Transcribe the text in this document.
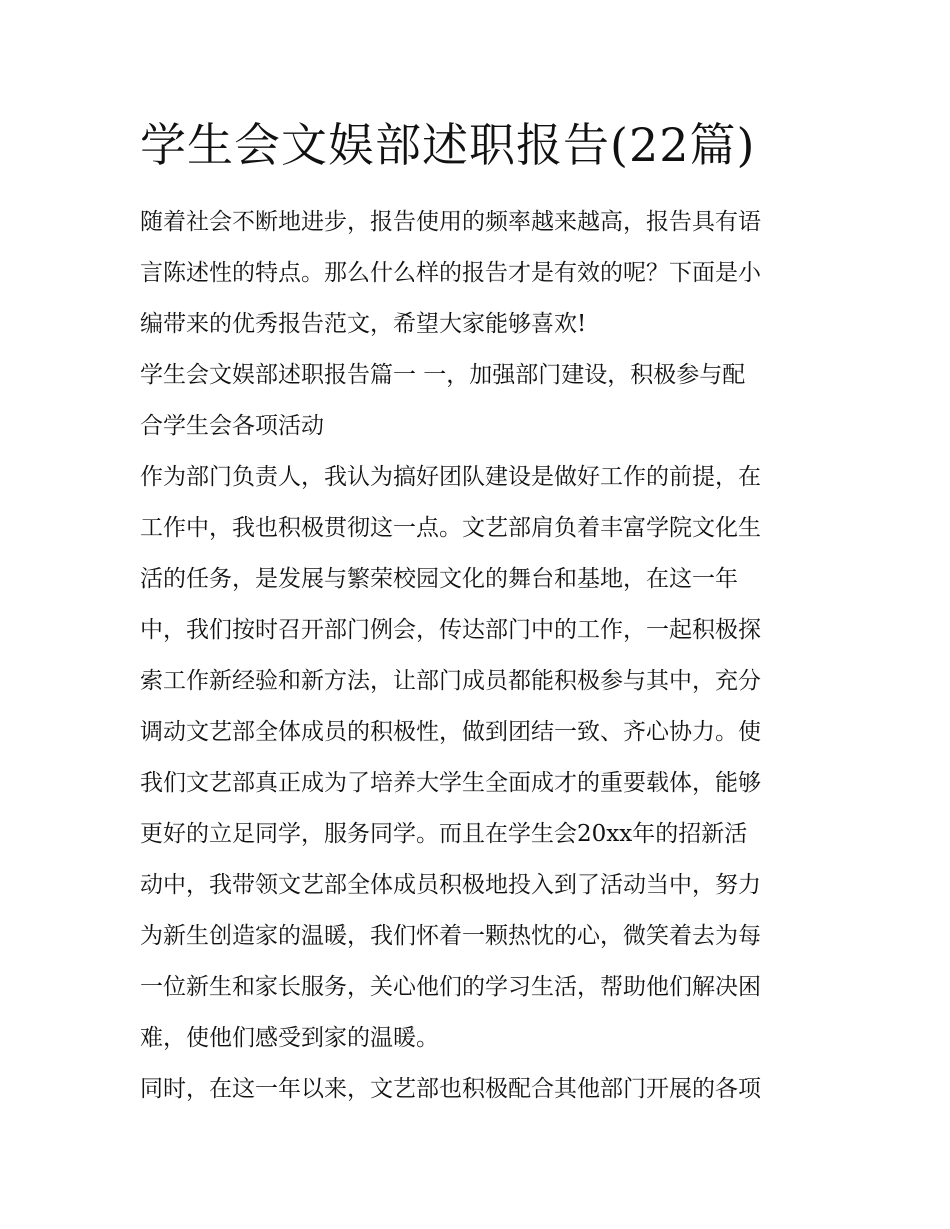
学生会文娱部述职报告(22篇)

随着社会不断地进步，报告使用的频率越来越高，报告具有语

言陈述性的特点。那么什么样的报告才是有效的呢？下面是小

编带来的优秀报告范文，希望大家能够喜欢!

学生会文娱部述职报告篇一 一，加强部门建设，积极参与配

合学生会各项活动

作为部门负责人，我认为搞好团队建设是做好工作的前提，在

工作中，我也积极贯彻这一点。文艺部肩负着丰富学院文化生

活的任务，是发展与繁荣校园文化的舞台和基地，在这一年

中，我们按时召开部门例会，传达部门中的工作，一起积极探

索工作新经验和新方法，让部门成员都能积极参与其中，充分

调动文艺部全体成员的积极性，做到团结一致、齐心协力。使

我们文艺部真正成为了培养大学生全面成才的重要载体，能够

更好的立足同学，服务同学。而且在学生会20xx年的招新活

动中，我带领文艺部全体成员积极地投入到了活动当中，努力

为新生创造家的温暖，我们怀着一颗热忱的心，微笑着去为每

一位新生和家长服务，关心他们的学习生活，帮助他们解决困

难，使他们感受到家的温暖。

同时，在这一年以来，文艺部也积极配合其他部门开展的各项
